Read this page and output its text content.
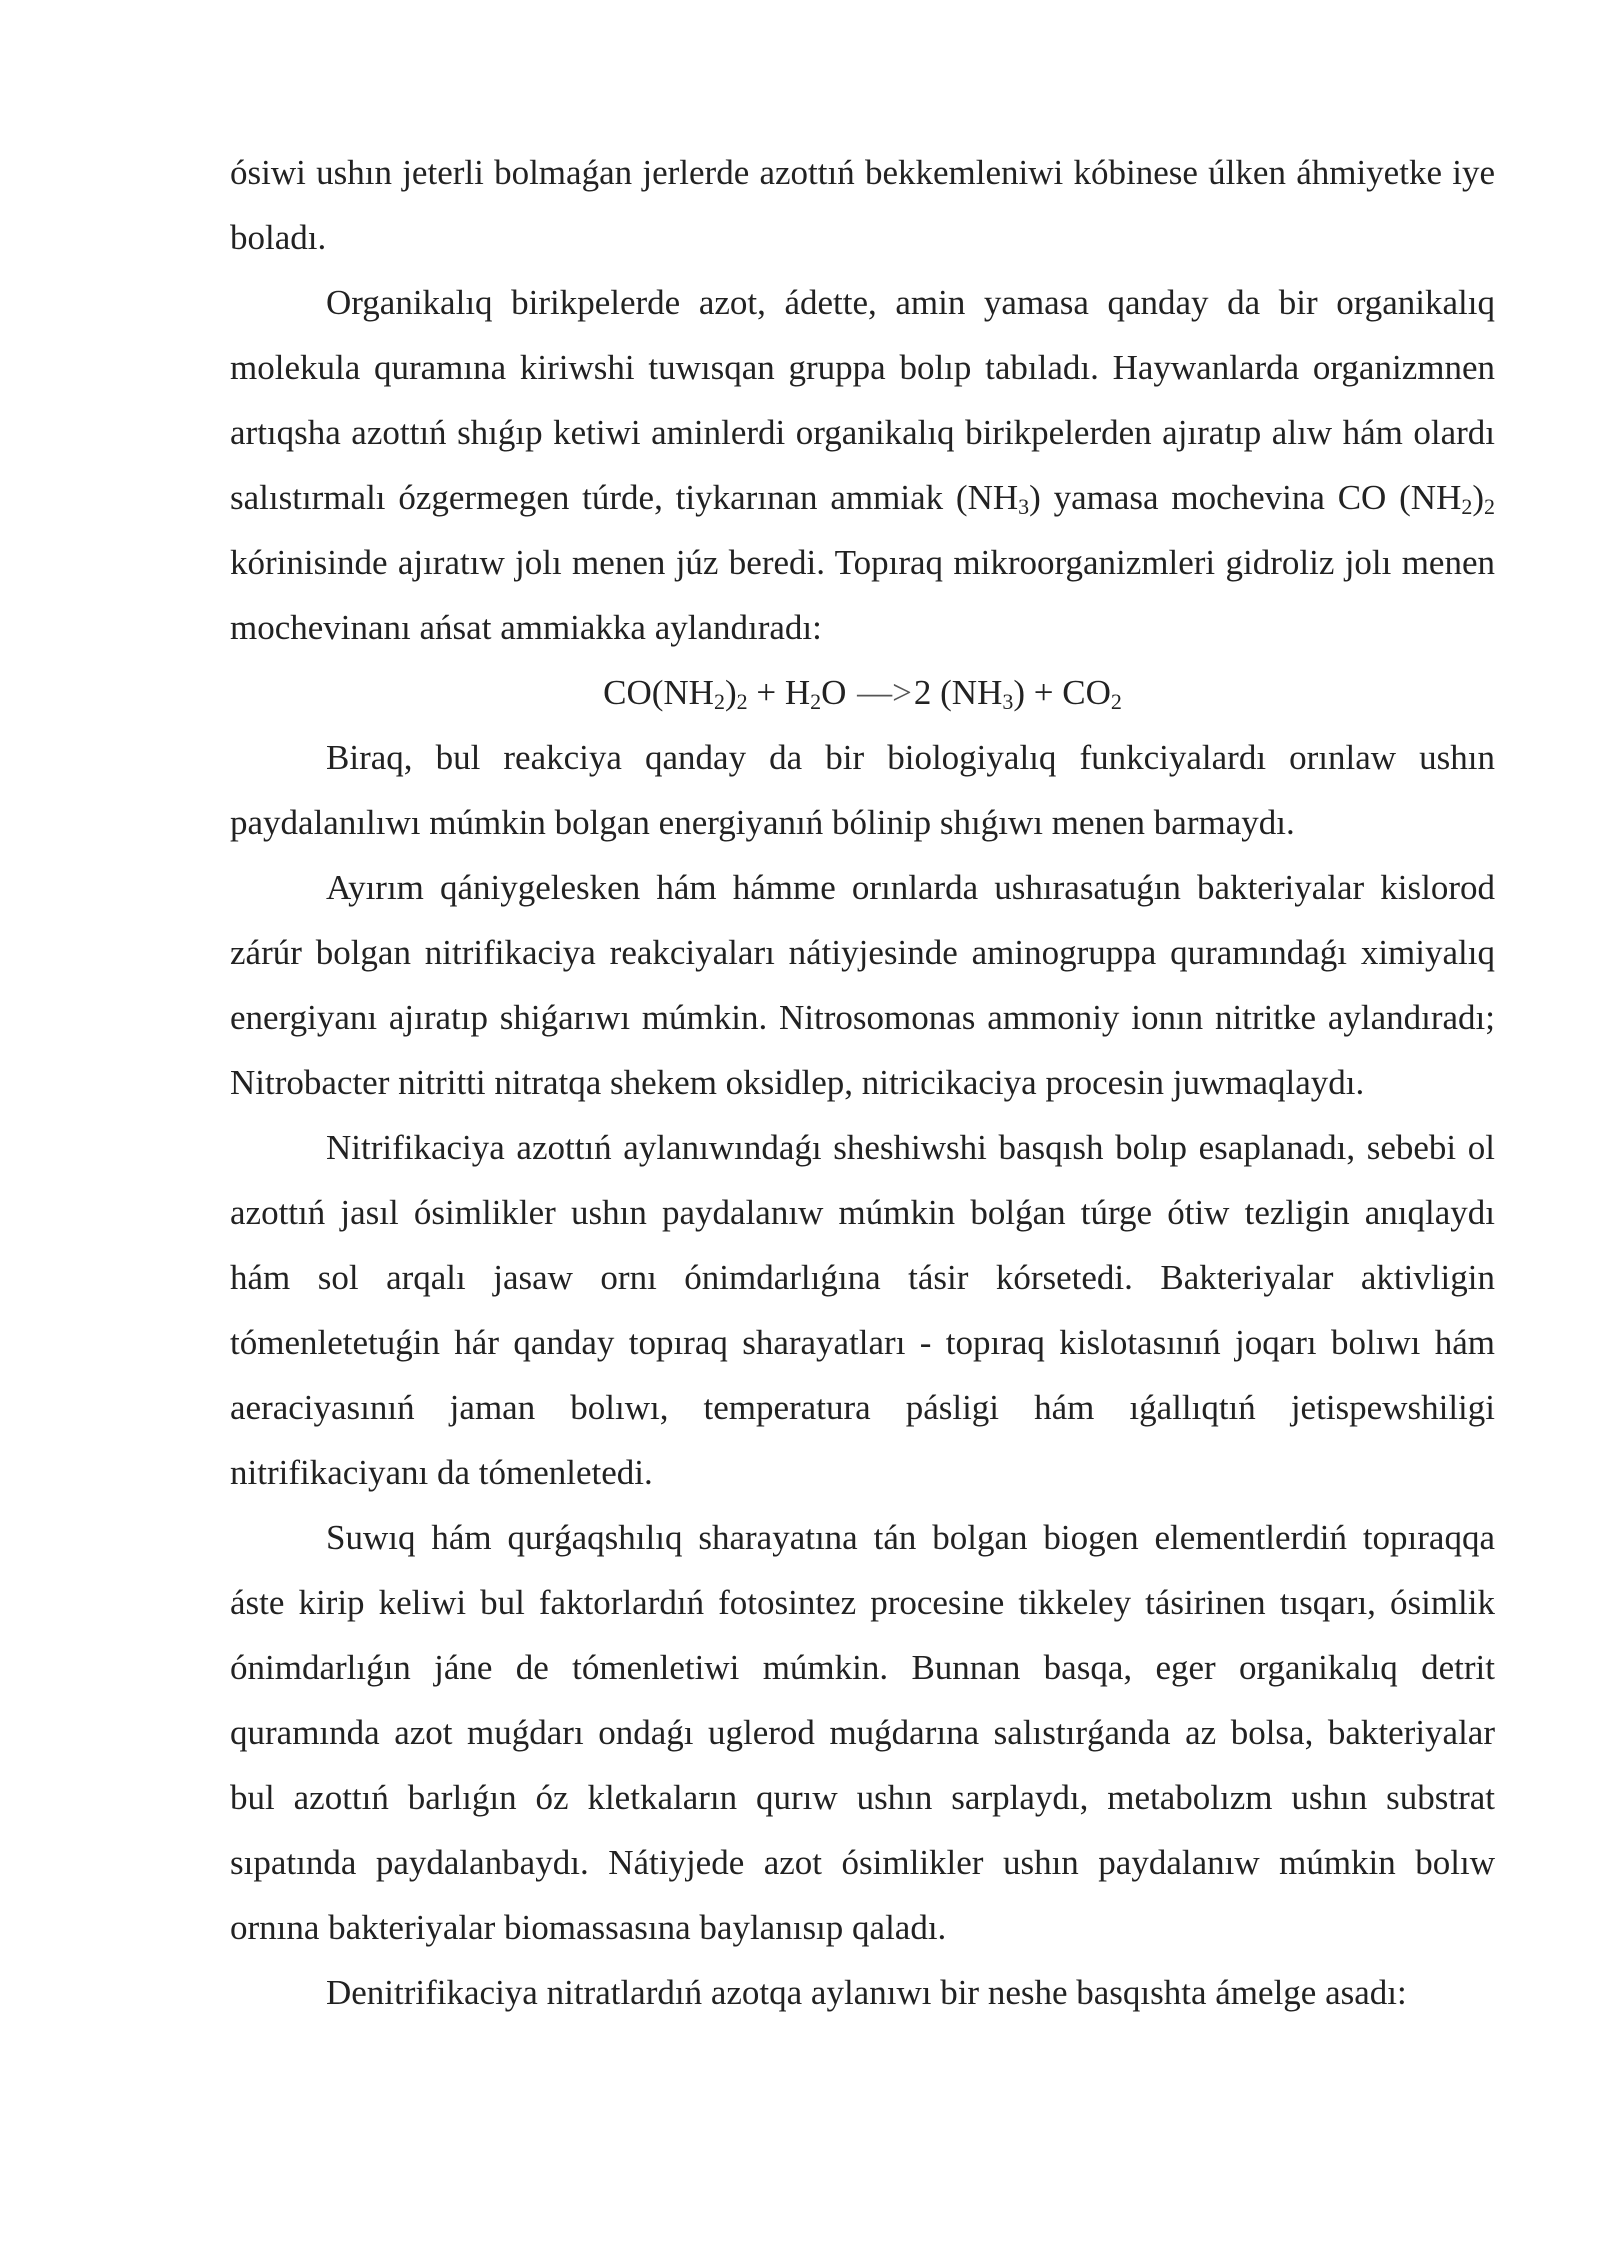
ósiwi ushın jeterli bolmaǵan jerlerde azottıń bekkemleniwi kóbinese úlken áhmiyetke iye boladı.

Organikalıq birikpelerde azot, ádette, amin yamasa qanday da bir organikalıq molekula quramına kiriwshi tuwısqan gruppa bolıp tabıladı. Haywanlarda organizmnen artıqsha azottıń shıǵıp ketiwi aminlerdi organikalıq birikpelerden ajıratıp alıw hám olardı salıstırmalı ózgermegen túrde, tiykarınan ammiak $(NH_3)$ yamasa mochevina CO $(NH_2)_2$ kórinisinde ajıratıw jolı menen júz beredi. Topıraq mikroorganizmleri gidroliz jolı menen mochevinanı ańsat ammiakka aylandıradı:

$CO(NH_2)_2 + H_2O$ —>2 $(NH_3) + CO_2$

Biraq, bul reakciya qanday da bir biologiyalıq funkciyalardı orınlaw ushın paydalanılıwı múmkin bolgan energiyanıń bólinip shıǵıwı menen barmaydı.

Ayırım qániygelesken hám hámme orınlarda ushırasatuǵın bakteriyalar kislorod zárúr bolgan nitrifikaciya reakciyaları nátiyjesinde aminogruppa quramındaǵı ximiyalıq energiyanı ajıratıp shiǵarıwı múmkin. Nitrosomonas ammoniy ionın nitritke aylandıradı; Nitrobacter nitritti nitratqa shekem oksidlep, nitricikaciya procesin juwmaqlaydı.

Nitrifikaciya azottıń aylanıwındaǵı sheshiwshi basqısh bolıp esaplanadı, sebebi ol azottıń jasıl ósimlikler ushın paydalanıw múmkin bolǵan túrge ótiw tezligin anıqlaydı hám sol arqalı jasaw ornı ónimdarlıǵına tásir kórsetedi. Bakteriyalar aktivligin tómenletetuǵin hár qanday topıraq sharayatları - topıraq kislotasınıń joqarı bolıwı hám aeraciyasınıń jaman bolıwı, temperatura pásligi hám ıǵallıqtıń jetispewshiligi nitrifikaciyanı da tómenletedi.

Suwıq hám qurǵaqshılıq sharayatına tán bolgan biogen elementlerdiń topıraqqa áste kirip keliwi bul faktorlardıń fotosintez procesine tikkeley tásirinen tısqarı, ósimlik ónimdarlıǵın jáne de tómenletiwi múmkin. Bunnan basqa, eger organikalıq detrit quramında azot muǵdarı ondaǵı uglerod muǵdarına salıstırǵanda az bolsa, bakteriyalar bul azottıń barlıǵın óz kletkaların qurıw ushın sarplaydı, metabolızm ushın substrat sıpatında paydalanbaydı. Nátiyjede azot ósimlikler ushın paydalanıw múmkin bolıw ornına bakteriyalar biomassasına baylanısıp qaladı.

Denitrifikaciya nitratlardıń azotqa aylanıwı bir neshe basqıshta ámelge asadı:
